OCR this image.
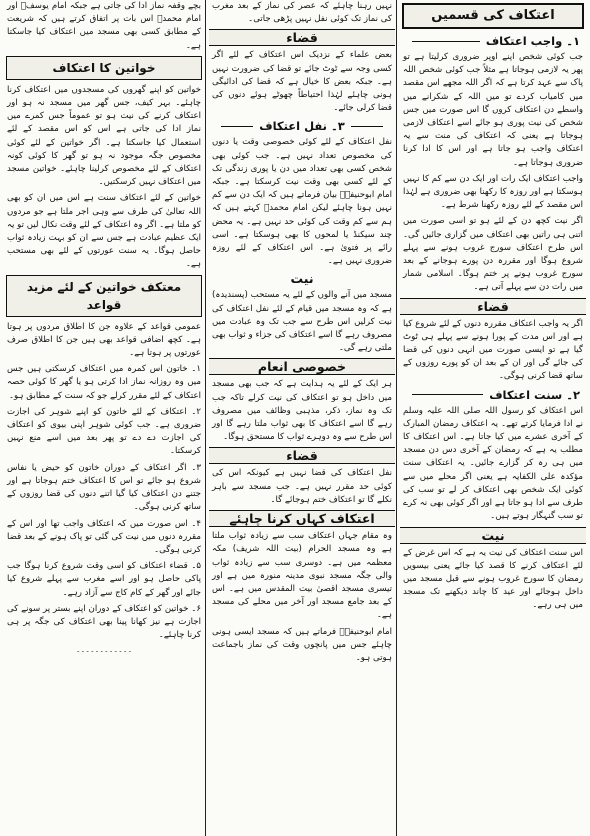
اعتکاف کی قسمیں
۱۔ واجب اعتکاف
جب کوئی شخص اپنے اوپر ضروری کرلیتا ہے تو پھر یہ لازمی ہوجاتا ہے مثلاً جب کوئی شخص اللہ پاک سے عہد کرتا ہے کہ اگر اللہ مجھے اس مقصد میں کامیاب کردے تو میں اللہ کے شکرانے میں واسطے دن اعتکاف کروں گا اس صورت میں جس شخص کی نیت پوری ہو جائے اسے اعتکاف لازمی ہوجاتا ہے یعنی کہ اعتکاف کی منت سے یہ اعتکاف واجب ہو جاتا ہے اور اس کا ادا کرنا ضروری ہوجاتا ہے۔
واجب اعتکاف ایک رات اور ایک دن سے کم کا نہیں ہوسکتا ہے اور روزہ کا رکھنا بھی ضروری ہے لہٰذا اس مقصد کے لئے روزہ رکھنا شرط ہے۔
اگر نیت کچھ دن کے لئے ہو تو اسی صورت میں اتنی ہی راتیں بھی اعتکاف میں گزاری جائیں گی۔ اس طرح اعتکاف سورج غروب ہونے سے پہلے شروع ہوگا اور مقررہ دن پورے ہوجانے کے بعد سورج غروب ہونے پر ختم ہوگا۔ اسلامی شمار میں رات دن سے پہلے آتی ہے۔
قضاء
اگر یہ واجب اعتکاف مقررہ دنوں کے لئے شروع کیا ہے اور اس مدت کے پورا ہونے سے پہلے ہی ٹوٹ گیا ہے تو ایسی صورت میں انہی دنوں کی قضا کی جائے گی اور ان کے بعد ان کو پورے روزوں کے ساتھ قضا کرنی ہوگی۔
۲۔ سنت اعتکاف
اس اعتکاف کو رسول اللہ صلی اللہ علیہ وسلم نے ادا فرمایا کرتے تھے۔ یہ اعتکاف رمضان المبارک کے آخری عشرے میں کیا جاتا ہے۔ اس اعتکاف کا مطلب یہ ہے کہ رمضان کے آخری دس دن مسجد میں ہی رہ کر گزارے جائیں۔ یہ اعتکاف سنت مؤکدہ علی الکفایہ ہے یعنی اگر محلے میں سے کوئی ایک شخص بھی اعتکاف کر لے تو سب کی طرف سے ادا ہو جاتا ہے اور اگر کوئی بھی نہ کرے تو سب گنہگار ہوتے ہیں۔
نیت
اس سنت اعتکاف کی نیت یہ ہے کہ اس غرض کے لئے اعتکاف کرنے کا قصد کیا جائے یعنی بیسویں رمضان کا سورج غروب ہونے سے قبل مسجد میں داخل ہوجائے اور عید کا چاند دیکھنے تک مسجد میں ہی رہے۔
نہیں رہنا چاہئے کہ عصر کی نماز کے بعد مغرب کی نماز تک کوئی نفل نہیں پڑھی جاتی۔
قضاء
بعض علماء کے نزدیک اس اعتکاف کے لئے اگر کسی وجہ سے ٹوٹ جائے تو قضا کی ضرورت نہیں ہے۔ جبکہ بعض کا خیال ہے کہ قضا کی ادائیگی ہونی چاہئے لہٰذا احتیاطاً چھوٹے ہوئے دنوں کی قضا کرلی جائے۔
۳۔ نفل اعتکاف
نفل اعتکاف کے لئے کوئی خصوصی وقت یا دنوں کی مخصوص تعداد نہیں ہے۔ جب کوئی بھی شخص کسی بھی تعداد میں دن یا پوری زندگی تک کے لئے کسی بھی وقت نیت کرسکتا ہے۔ جبکہ امام ابوحنیفہؒ بیان فرماتے ہیں کہ ایک دن سے کم نہیں ہونا چاہئے لیکن امام محمدؒ کہتے ہیں کہ ہم سے کم وقت کی کوئی حد نہیں ہے۔ یہ محض چند سیکنڈ یا لمحوں کا بھی ہوسکتا ہے۔ اسی رائے پر فتویٰ ہے۔ اس اعتکاف کے لئے روزہ ضروری نہیں ہے۔
نیت
مسجد میں آنے والوں کے لئے یہ مستحب (پسندیدہ) ہے کہ وہ مسجد میں قیام کے لئے نفل اعتکاف کی نیت کرلیں اس طرح سے جب تک وہ عبادت میں مصروف رہے گا اسے اعتکاف کی جزاء و ثواب بھی ملتی رہے گی۔
خصوصی انعام
ہر ایک کے لئے یہ ہدایت ہے کہ جب بھی مسجد میں داخل ہو تو اعتکاف کی نیت کرلے تاکہ جب تک وہ نماز، ذکر، مذہبی وظائف میں مصروف رہے گا اسے اعتکاف کا بھی ثواب ملتا رہے گا اور اس طرح سے وہ دوہرے ثواب کا مستحق ہوگا۔
قضاء
نفل اعتکاف کی قضا نہیں ہے کیونکہ اس کی کوئی حد مقرر نہیں ہے۔ جب مسجد سے باہر نکلے گا تو اعتکاف ختم ہوجائے گا۔
اعتکاف کہاں کرنا چاہئے
وہ مقام جہاں اعتکاف سب سے زیادہ ثواب ملتا ہے وہ مسجد الحرام (بیت اللہ شریف) مکہ معظمہ میں ہے۔ دوسری سب سے زیادہ ثواب والی جگہ مسجد نبوی مدینہ منورہ میں ہے اور تیسری مسجد اقصیٰ بیت المقدس میں ہے۔ اس کے بعد جامع مسجد اور آخر میں محلے کی مسجد ہے۔
امام ابوحنیفہؒ فرماتے ہیں کہ مسجد ایسی ہونی چاہئے جس میں پانچوں وقت کی نماز باجماعت ہوتی ہو۔
بچے وقفہ نماز ادا کی جاتی ہے جبکہ امام یوسفؒ اور امام محمدؒ اس بات پر اتفاق کرتے ہیں کہ شریعت کے مطابق کسی بھی مسجد میں اعتکاف کیا جاسکتا ہے۔
خواتین کا اعتکاف
خواتین کو اپنے گھروں کی مسجدوں میں اعتکاف کرنا چاہئے۔ بہر کیف، جس گھر میں مسجد نہ ہو اور اعتکاف کرنے کی نیت ہو تو عموماً جس کمرے میں نماز ادا کی جاتی ہے اس کو اس مقصد کے لئے استعمال کیا جاسکتا ہے۔ اگر خواتین کے لئے کوئی مخصوص جگہ موجود نہ ہو تو گھر کا کوئی کونہ اعتکاف کے لئے مخصوص کرلینا چاہئے۔ خواتین مسجد میں اعتکاف نہیں کرسکتیں۔
خواتین کے لئے اعتکاف سنت ہے اس میں ان کو بھی اللہ تعالیٰ کی طرف سے وہی اجر ملتا ہے جو مردوں کو ملتا ہے۔ اگر وہ اعتکاف کے لئے وقت نکال لیں تو یہ ایک عظیم عبادت ہے جس سے ان کو بہت زیادہ ثواب حاصل ہوگا۔ یہ سنت عورتوں کے لئے بھی مستحب ہے۔
معتکف خواتین کے لئے مزید قواعد
عمومی قواعد کے علاوہ جن کا اطلاق مردوں پر ہوتا ہے۔ کچھ اضافی قواعد بھی ہیں جن کا اطلاق صرف عورتوں پر ہوتا ہے۔
۱۔ خاتون اس کمرہ میں اعتکاف کرسکتی ہیں جس میں وہ روزانہ نماز ادا کرتی ہو یا گھر کا کوئی حصہ اعتکاف کے لئے مقرر کرلے جو کہ سنت کے مطابق ہو۔
۲۔ اعتکاف کے لئے خاتون کو اپنے شوہر کی اجازت ضروری ہے۔ جب کوئی شوہر اپنی بیوی کو اعتکاف کی اجازت دے دے تو پھر بعد میں اسے منع نہیں کرسکتا۔
۳۔ اگر اعتکاف کے دوران خاتون کو حیض یا نفاس شروع ہو جائے تو اس کا اعتکاف ختم ہوجاتا ہے اور جتنے دن اعتکاف کیا گیا اتنے دنوں کی قضا روزوں کے ساتھ کرنی ہوگی۔
۴۔ اس صورت میں کہ اعتکاف واجب تھا اور اس کے مقررہ دنوں میں نیت کی گئی تو پاک ہونے کے بعد قضا کرنی ہوگی۔
۵۔ قضاء اعتکاف کو اسی وقت شروع کرنا ہوگا جب پاکی حاصل ہو اور اسے مغرب سے پہلے شروع کیا جائے اور گھر کے کام کاج سے آزاد رہے۔
۶۔ خواتین کو اعتکاف کے دوران اپنے بستر پر سونے کی اجازت ہے نیز کھانا پینا بھی اعتکاف کی جگہ پر ہی کرنا چاہئے۔
۔۔۔۔۔۔۔۔۔۔۔۔
